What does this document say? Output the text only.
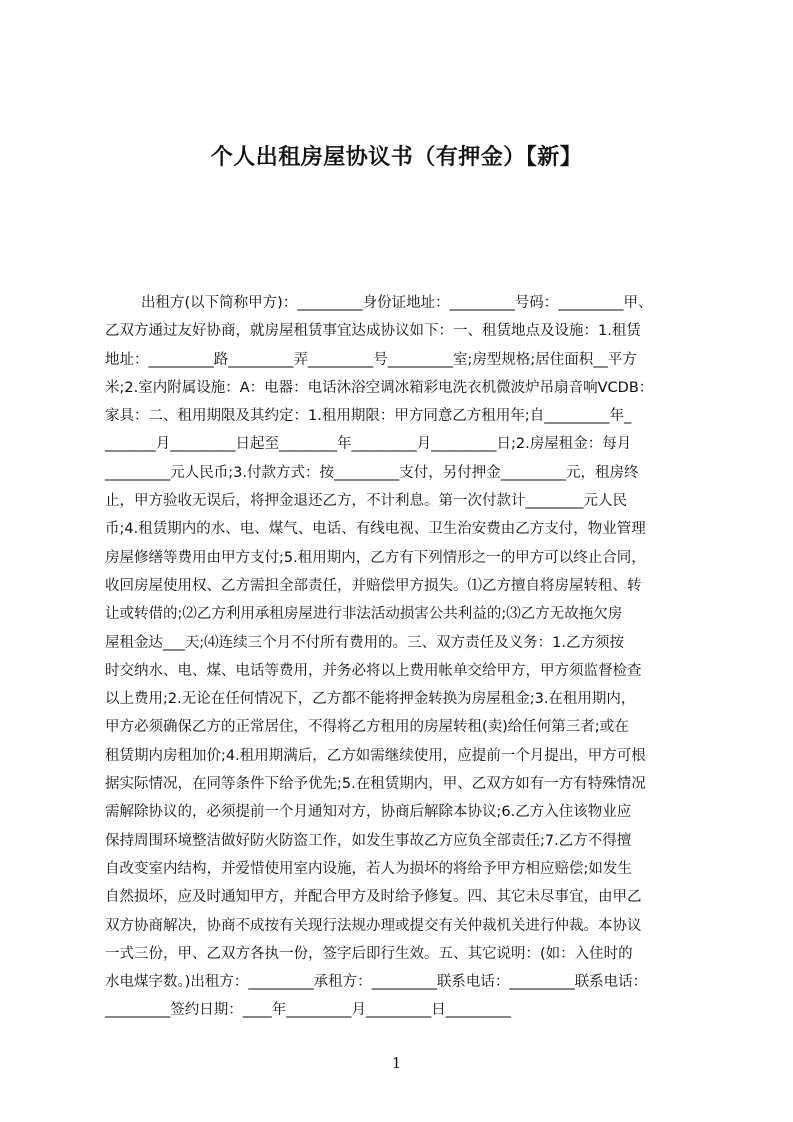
个人出租房屋协议书（有押金）【新】
出租方(以下简称甲方)：_________身份证地址：_________号码：_________甲、
乙双方通过友好协商，就房屋租赁事宜达成协议如下：一、租赁地点及设施：1.租赁
地址：_________路_________弄_________号_________室;房型规格;居住面积__平方
米;2.室内附属设施：A：电器：电话沐浴空调冰箱彩电洗衣机微波炉吊扇音响VCDB：
家具：二、租用期限及其约定：1.租用期限：甲方同意乙方租用年;自_________年_
_______月_________日起至________年_________月_________日;2.房屋租金：每月
_________元人民币;3.付款方式：按_________支付，另付押金_________元，租房终
止，甲方验收无误后，将押金退还乙方，不计利息。第一次付款计________元人民
币;4.租赁期内的水、电、煤气、电话、有线电视、卫生治安费由乙方支付，物业管理
房屋修缮等费用由甲方支付;5.租用期内，乙方有下列情形之一的甲方可以终止合同，
收回房屋使用权、乙方需担全部责任，并赔偿甲方损失。⑴乙方擅自将房屋转租、转
让或转借的;⑵乙方利用承租房屋进行非法活动损害公共利益的;⑶乙方无故拖欠房
屋租金达___天;⑷连续三个月不付所有费用的。三、双方责任及义务：1.乙方须按
时交纳水、电、煤、电话等费用，并务必将以上费用帐单交给甲方，甲方须监督检查
以上费用;2.无论在任何情况下，乙方都不能将押金转换为房屋租金;3.在租用期内，
甲方必须确保乙方的正常居住，不得将乙方租用的房屋转租(卖)给任何第三者;或在
租赁期内房租加价;4.租用期满后，乙方如需继续使用，应提前一个月提出，甲方可根
据实际情况，在同等条件下给予优先;5.在租赁期内，甲、乙双方如有一方有特殊情况
需解除协议的，必须提前一个月通知对方，协商后解除本协议;6.乙方入住该物业应
保持周围环境整洁做好防火防盗工作，如发生事故乙方应负全部责任;7.乙方不得擅
自改变室内结构，并爱惜使用室内设施，若人为损坏的将给予甲方相应赔偿;如发生
自然损坏，应及时通知甲方，并配合甲方及时给予修复。四、其它未尽事宜，由甲乙
双方协商解决，协商不成按有关现行法规办理或提交有关仲裁机关进行仲裁。本协议
一式三份，甲、乙双方各执一份，签字后即行生效。五、其它说明：(如：入住时的
水电煤字数。)出租方：_________承租方：_________联系电话：_________联系电话：
_________签约日期：____年_________月_________日_________
1
